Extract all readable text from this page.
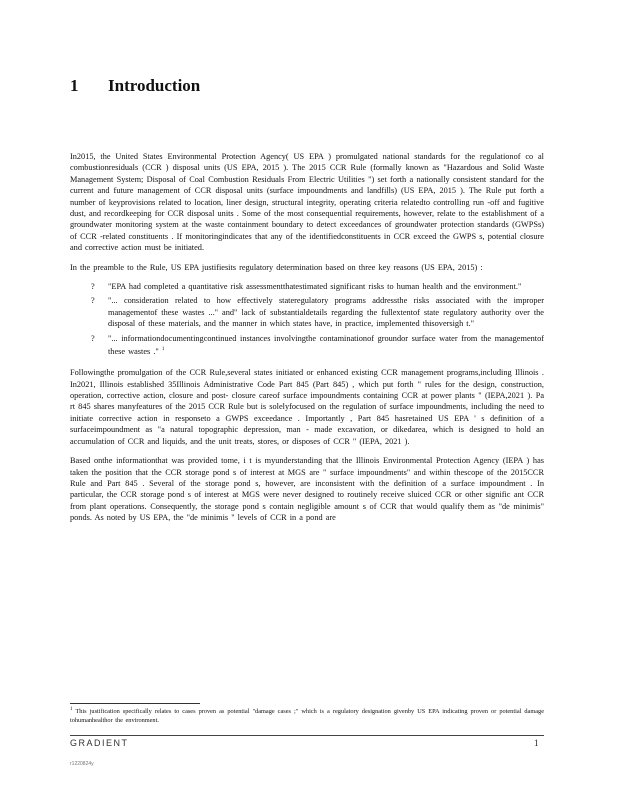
1 Introduction

In2015, the United States Environmental Protection Agency( US EPA ) promulgated national standards for the regulationof co al combustionresiduals (CCR ) disposal units (US EPA, 2015 ). The 2015 CCR Rule (formally known as "Hazardous and Solid Waste Management System; Disposal of Coal Combustion Residuals From Electric Utilities ") set forth a nationally consistent standard for the current and future management of CCR disposal units (surface impoundments and landfills) (US EPA, 2015 ). The Rule put forth a number of keyprovisions related to location, liner design, structural integrity, operating criteria relatedto controlling run -off and fugitive dust, and recordkeeping for CCR disposal units . Some of the most consequential requirements, however, relate to the establishment of a groundwater monitoring system at the waste containment boundary to detect exceedances of groundwater protection standards (GWPSs) of CCR -related constituents . If monitoringindicates that any of the identifiedconstituents in CCR exceed the GWPS s, potential closure and corrective action must be initiated.

In the preamble to the Rule, US EPA justifiesits regulatory determination based on three key reasons (US EPA, 2015) :

? "EPA had completed a quantitative risk assessmentthatestimated significant risks to human health and the environment."
? "... consideration related to how effectively stateregulatory programs addressthe risks associated with the improper managementof these wastes ..." and" lack of substantialdetails regarding the fullextentof state regulatory authority over the disposal of these materials, and the manner in which states have, in practice, implemented thisoversigh t."
? "... informationdocumentingcontinued instances involvingthe contaminationof groundor surface water from the managementof these wastes ." $^1$

Followingthe promulgation of the CCR Rule,several states initiated or enhanced existing CCR management programs,including Illinois . In2021, Illinois established 35Illinois Administrative Code Part 845 (Part 845) , which put forth " rules for the design, construction, operation, corrective action, closure and post- closure careof surface impoundments containing CCR at power plants " (IEPA,2021 ). Pa rt 845 shares manyfeatures of the 2015 CCR Rule but is solelyfocused on the regulation of surface impoundments, including the need to initiate corrective action in responseto a GWPS exceedance . Importantly , Part 845 hasretained US EPA ' s definition of a surfaceimpoundment as "a natural topographic depression, man - made excavation, or dikedarea, which is designed to hold an accumulation of CCR and liquids, and the unit treats, stores, or disposes of CCR " (IEPA, 2021 ).

Based onthe informationthat was provided tome, i t is myunderstanding that the Illinois Environmental Protection Agency (IEPA ) has taken the position that the CCR storage pond s of interest at MGS are " surface impoundments" and within thescope of the 2015CCR Rule and Part 845 . Several of the storage pond s, however, are inconsistent with the definition of a surface impoundment . In particular, the CCR storage pond s of interest at MGS were never designed to routinely receive sluiced CCR or other signific ant CCR from plant operations. Consequently, the storage pond s contain negligible amount s of CCR that would qualify them as "de minimis" ponds. As noted by US EPA, the "de minimis " levels of CCR in a pond are

$^1$ This justification specifically relates to cases proven as potential "damage cases ;" which is a regulatory designation givenby US EPA indicating proven or potential damage tohumanhealthor the environment.
GRADIENT	1
r1220824y
